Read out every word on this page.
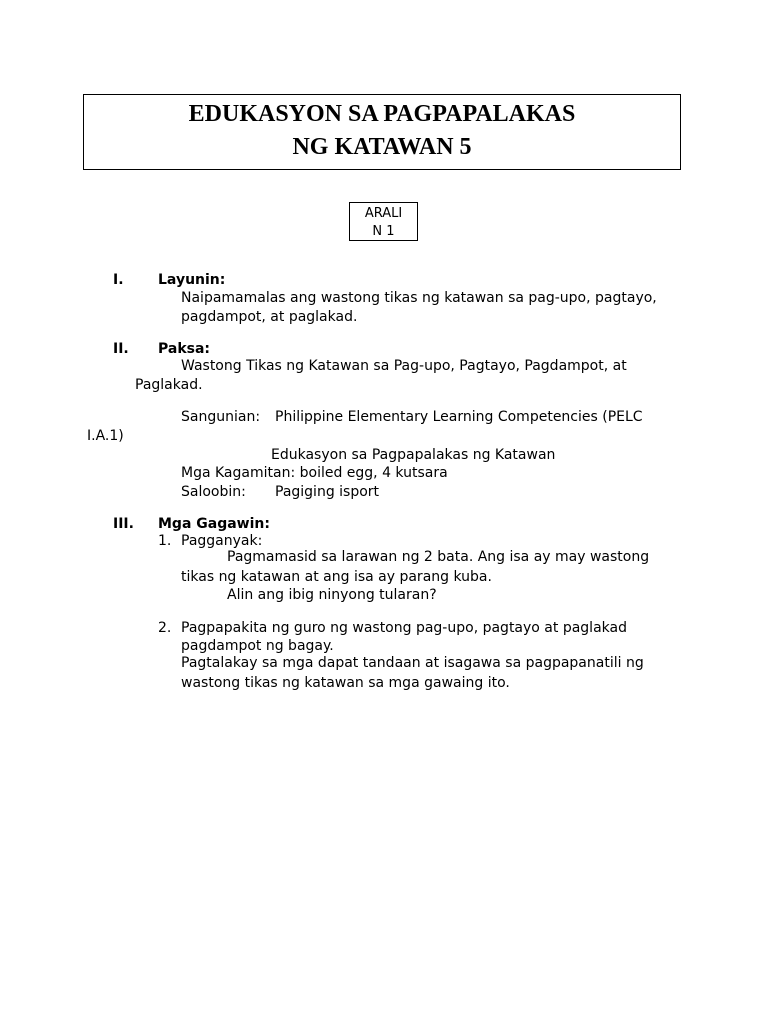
EDUKASYON SA PAGPAPALAKAS
NG KATAWAN 5
ARALI
N 1
I. Layunin:
Naipamamalas ang wastong tikas ng katawan sa pag-upo, pagtayo,
pagdampot, at paglakad.
II. Paksa:
Wastong Tikas ng Katawan sa Pag-upo, Pagtayo, Pagdampot, at
Paglakad.
Sangunian: Philippine Elementary Learning Competencies (PELC
I.A.1)
Edukasyon sa Pagpapalakas ng Katawan
Mga Kagamitan: boiled egg, 4 kutsara
Saloobin: Pagiging isport
III. Mga Gagawin:
1. Pagganyak:
Pagmamasid sa larawan ng 2 bata. Ang isa ay may wastong
tikas ng katawan at ang isa ay parang kuba.
Alin ang ibig ninyong tularan?
2. Pagpapakita ng guro ng wastong pag-upo, pagtayo at paglakad
pagdampot ng bagay.
Pagtalakay sa mga dapat tandaan at isagawa sa pagpapanatili ng
wastong tikas ng katawan sa mga gawaing ito.
